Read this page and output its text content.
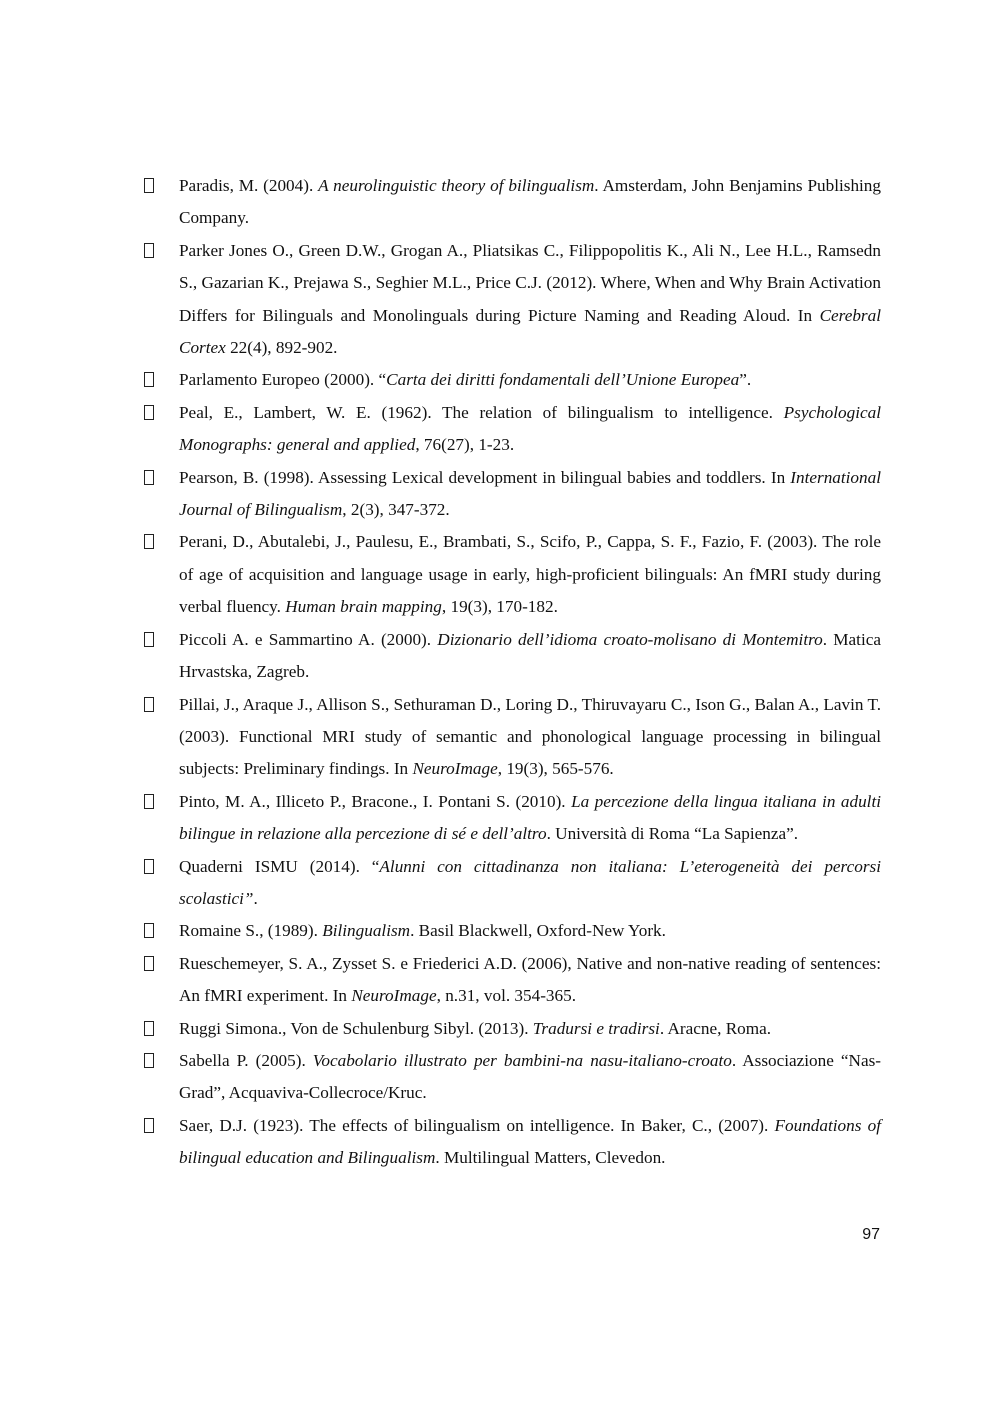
Paradis, M. (2004). A neurolinguistic theory of bilingualism. Amsterdam, John Benjamins Publishing Company.
Parker Jones O., Green D.W., Grogan A., Pliatsikas C., Filippopolitis K., Ali N., Lee H.L., Ramsedn S., Gazarian K., Prejawa S., Seghier M.L., Price C.J. (2012). Where, When and Why Brain Activation Differs for Bilinguals and Monolinguals during Picture Naming and Reading Aloud. In Cerebral Cortex 22(4), 892-902.
Parlamento Europeo (2000). “Carta dei diritti fondamentali dell’Unione Europea”.
Peal, E., Lambert, W. E. (1962). The relation of bilingualism to intelligence. Psychological Monographs: general and applied, 76(27), 1-23.
Pearson, B. (1998). Assessing Lexical development in bilingual babies and toddlers. In International Journal of Bilingualism, 2(3), 347-372.
Perani, D., Abutalebi, J., Paulesu, E., Brambati, S., Scifo, P., Cappa, S. F., Fazio, F. (2003). The role of age of acquisition and language usage in early, high‑proficient bilinguals: An fMRI study during verbal fluency. Human brain mapping, 19(3), 170-182.
Piccoli A. e Sammartino A. (2000). Dizionario dell’idioma croato-molisano di Montemitro. Matica Hrvastska, Zagreb.
Pillai, J., Araque J., Allison S., Sethuraman D., Loring D., Thiruvayaru C., Ison G., Balan A., Lavin T. (2003). Functional MRI study of semantic and phonological language processing in bilingual subjects: Preliminary findings. In NeuroImage, 19(3), 565-576.
Pinto, M. A., Illiceto P., Bracone., I. Pontani S. (2010). La percezione della lingua italiana in adulti bilingue in relazione alla percezione di sé e dell’altro. Università di Roma “La Sapienza”.
Quaderni ISMU (2014). “Alunni con cittadinanza non italiana: L’eterogeneità dei percorsi scolastici”.
Romaine S., (1989). Bilingualism. Basil Blackwell, Oxford-New York.
Rueschemeyer, S. A., Zysset S. e Friederici A.D. (2006), Native and non-native reading of sentences: An fMRI experiment. In NeuroImage, n.31, vol. 354-365.
Ruggi Simona., Von de Schulenburg Sibyl. (2013). Tradursi e tradirsi. Aracne, Roma.
Sabella P. (2005). Vocabolario illustrato per bambini-na nasu-italiano-croato. Associazione “Nas-Grad”, Acquaviva-Collecroce/Kruc.
Saer, D.J. (1923). The effects of bilingualism on intelligence. In Baker, C., (2007). Foundations of bilingual education and Bilingualism. Multilingual Matters, Clevedon.
97
